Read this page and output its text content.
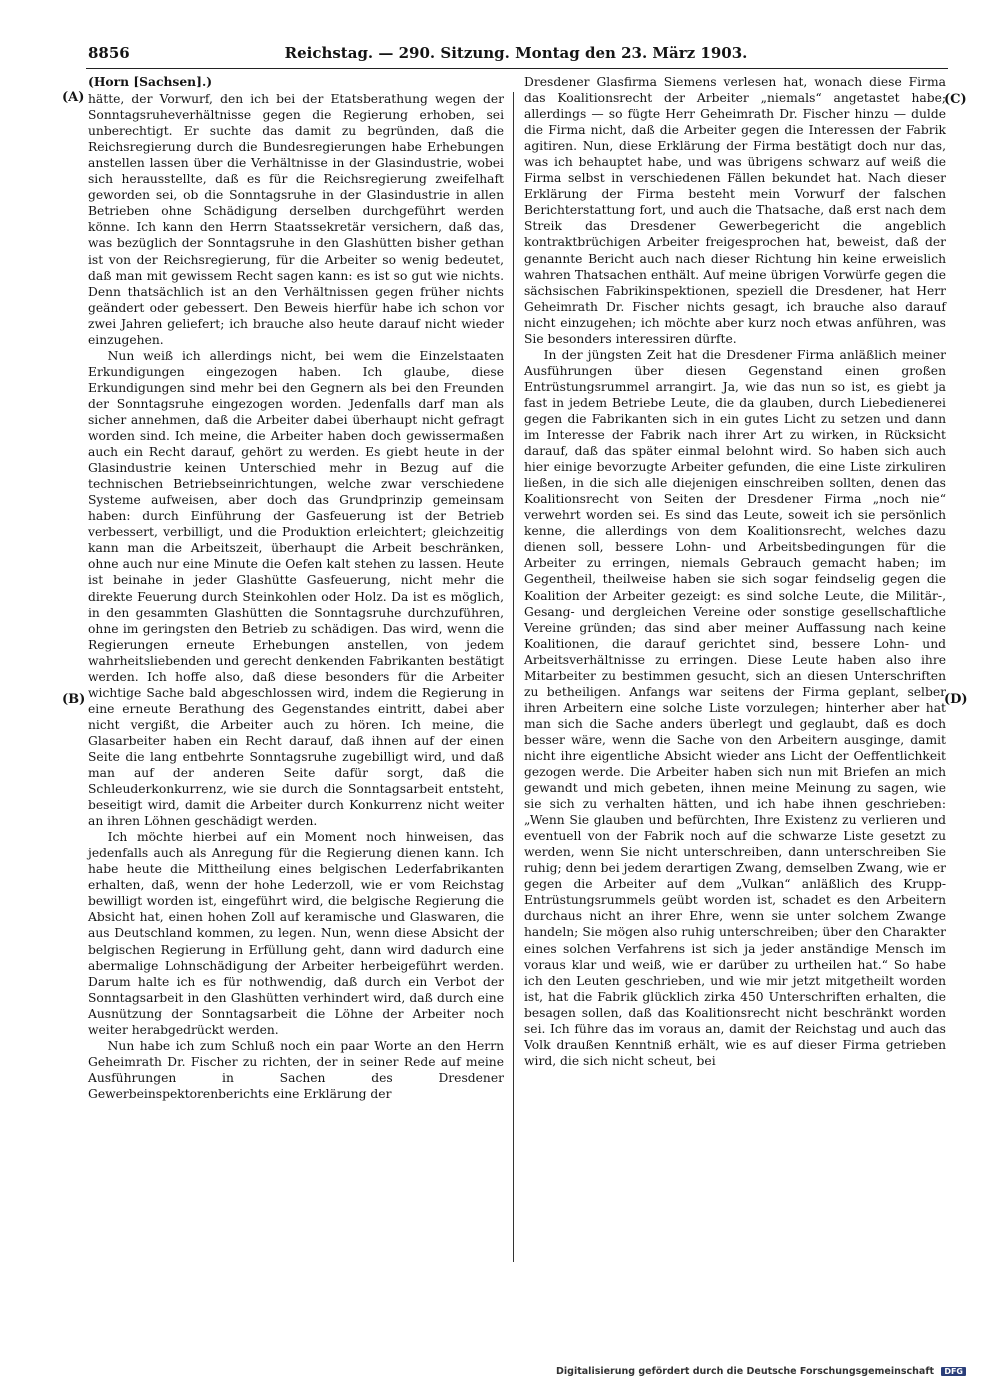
8856	Reichstag. — 290. Sitzung. Montag den 23. März 1903.
(A)
(B)
(C)
(D)
(Horn [Sachsen].)

hätte, der Vorwurf, den ich bei der Etatsberathung wegen der Sonntagsruheverhältnisse gegen die Regierung erhoben, sei unberechtigt. Er suchte das damit zu begründen, daß die Reichsregierung durch die Bundesregierungen habe Erhebungen anstellen lassen über die Verhältnisse in der Glasindustrie, wobei sich herausstellte, daß es für die Reichsregierung zweifelhaft geworden sei, ob die Sonntagsruhe in der Glasindustrie in allen Betrieben ohne Schädigung derselben durchgeführt werden könne. Ich kann den Herrn Staatssekretär versichern, daß das, was bezüglich der Sonntagsruhe in den Glashütten bisher gethan ist von der Reichsregierung, für die Arbeiter so wenig bedeutet, daß man mit gewissem Recht sagen kann: es ist so gut wie nichts. Denn thatsächlich ist an den Verhältnissen gegen früher nichts geändert oder gebessert. Den Beweis hierfür habe ich schon vor zwei Jahren geliefert; ich brauche also heute darauf nicht wieder einzugehen.

Nun weiß ich allerdings nicht, bei wem die Einzelstaaten Erkundigungen eingezogen haben. Ich glaube, diese Erkundigungen sind mehr bei den Gegnern als bei den Freunden der Sonntagsruhe eingezogen worden. Jedenfalls darf man als sicher annehmen, daß die Arbeiter dabei überhaupt nicht gefragt worden sind. Ich meine, die Arbeiter haben doch gewissermaßen auch ein Recht darauf, gehört zu werden. Es giebt heute in der Glasindustrie keinen Unterschied mehr in Bezug auf die technischen Betriebseinrichtungen, welche zwar verschiedene Systeme aufweisen, aber doch das Grundprinzip gemeinsam haben: durch Einführung der Gasfeuerung ist der Betrieb verbessert, verbilligt, und die Produktion erleichtert; gleichzeitig kann man die Arbeitszeit, überhaupt die Arbeit beschränken, ohne auch nur eine Minute die Oefen kalt stehen zu lassen. Heute ist beinahe in jeder Glashütte Gasfeuerung, nicht mehr die direkte Feuerung durch Steinkohlen oder Holz. Da ist es möglich, in den gesammten Glashütten die Sonntagsruhe durchzuführen, ohne im geringsten den Betrieb zu schädigen. Das wird, wenn die Regierungen erneute Erhebungen anstellen, von jedem wahrheitsliebenden und gerecht denkenden Fabrikanten bestätigt werden. Ich hoffe also, daß diese besonders für die Arbeiter wichtige Sache bald abgeschlossen wird, indem die Regierung in eine erneute Berathung des Gegenstandes eintritt, dabei aber nicht vergißt, die Arbeiter auch zu hören. Ich meine, die Glasarbeiter haben ein Recht darauf, daß ihnen auf der einen Seite die lang entbehrte Sonntagsruhe zugebilligt wird, und daß man auf der anderen Seite dafür sorgt, daß die Schleuderkonkurrenz, wie sie durch die Sonntagsarbeit entsteht, beseitigt wird, damit die Arbeiter durch Konkurrenz nicht weiter an ihren Löhnen geschädigt werden.

Ich möchte hierbei auf ein Moment noch hinweisen, das jedenfalls auch als Anregung für die Regierung dienen kann. Ich habe heute die Mittheilung eines belgischen Lederfabrikanten erhalten, daß, wenn der hohe Lederzoll, wie er vom Reichstag bewilligt worden ist, eingeführt wird, die belgische Regierung die Absicht hat, einen hohen Zoll auf keramische und Glaswaren, die aus Deutschland kommen, zu legen. Nun, wenn diese Absicht der belgischen Regierung in Erfüllung geht, dann wird dadurch eine abermalige Lohnschädigung der Arbeiter herbeigeführt werden. Darum halte ich es für nothwendig, daß durch ein Verbot der Sonntagsarbeit in den Glashütten verhindert wird, daß durch eine Ausnützung der Sonntagsarbeit die Löhne der Arbeiter noch weiter herabgedrückt werden.

Nun habe ich zum Schluß noch ein paar Worte an den Herrn Geheimrath Dr. Fischer zu richten, der in seiner Rede auf meine Ausführungen in Sachen des Dresdener Gewerbeinspektorenberichts eine Erklärung der

Dresdener Glasfirma Siemens verlesen hat, wonach diese Firma das Koalitionsrecht der Arbeiter „niemals“ angetastet habe; allerdings — so fügte Herr Geheimrath Dr. Fischer hinzu — dulde die Firma nicht, daß die Arbeiter gegen die Interessen der Fabrik agitiren. Nun, diese Erklärung der Firma bestätigt doch nur das, was ich behauptet habe, und was übrigens schwarz auf weiß die Firma selbst in verschiedenen Fällen bekundet hat. Nach dieser Erklärung der Firma besteht mein Vorwurf der falschen Berichterstattung fort, und auch die Thatsache, daß erst nach dem Streik das Dresdener Gewerbegericht die angeblich kontraktbrüchigen Arbeiter freigesprochen hat, beweist, daß der genannte Bericht auch nach dieser Richtung hin keine erweislich wahren Thatsachen enthält. Auf meine übrigen Vorwürfe gegen die sächsischen Fabrikinspektionen, speziell die Dresdener, hat Herr Geheimrath Dr. Fischer nichts gesagt, ich brauche also darauf nicht einzugehen; ich möchte aber kurz noch etwas anführen, was Sie besonders interessiren dürfte.

In der jüngsten Zeit hat die Dresdener Firma anläßlich meiner Ausführungen über diesen Gegenstand einen großen Entrüstungsrummel arrangirt. Ja, wie das nun so ist, es giebt ja fast in jedem Betriebe Leute, die da glauben, durch Liebedienerei gegen die Fabrikanten sich in ein gutes Licht zu setzen und dann im Interesse der Fabrik nach ihrer Art zu wirken, in Rücksicht darauf, daß das später einmal belohnt wird. So haben sich auch hier einige bevorzugte Arbeiter gefunden, die eine Liste zirkuliren ließen, in die sich alle diejenigen einschreiben sollten, denen das Koalitionsrecht von Seiten der Dresdener Firma „noch nie“ verwehrt worden sei. Es sind das Leute, soweit ich sie persönlich kenne, die allerdings von dem Koalitionsrecht, welches dazu dienen soll, bessere Lohn- und Arbeitsbedingungen für die Arbeiter zu erringen, niemals Gebrauch gemacht haben; im Gegentheil, theilweise haben sie sich sogar feindselig gegen die Koalition der Arbeiter gezeigt: es sind solche Leute, die Militär-, Gesang- und dergleichen Vereine oder sonstige gesellschaftliche Vereine gründen; das sind aber meiner Auffassung nach keine Koalitionen, die darauf gerichtet sind, bessere Lohn- und Arbeitsverhältnisse zu erringen. Diese Leute haben also ihre Mitarbeiter zu bestimmen gesucht, sich an diesen Unterschriften zu betheiligen. Anfangs war seitens der Firma geplant, selber ihren Arbeitern eine solche Liste vorzulegen; hinterher aber hat man sich die Sache anders überlegt und geglaubt, daß es doch besser wäre, wenn die Sache von den Arbeitern ausginge, damit nicht ihre eigentliche Absicht wieder ans Licht der Oeffentlichkeit gezogen werde. Die Arbeiter haben sich nun mit Briefen an mich gewandt und mich gebeten, ihnen meine Meinung zu sagen, wie sie sich zu verhalten hätten, und ich habe ihnen geschrieben: „Wenn Sie glauben und befürchten, Ihre Existenz zu verlieren und eventuell von der Fabrik noch auf die schwarze Liste gesetzt zu werden, wenn Sie nicht unterschreiben, dann unterschreiben Sie ruhig; denn bei jedem derartigen Zwang, demselben Zwang, wie er gegen die Arbeiter auf dem „Vulkan“ anläßlich des Krupp-Entrüstungsrummels geübt worden ist, schadet es den Arbeitern durchaus nicht an ihrer Ehre, wenn sie unter solchem Zwange handeln; Sie mögen also ruhig unterschreiben; über den Charakter eines solchen Verfahrens ist sich ja jeder anständige Mensch im voraus klar und weiß, wie er darüber zu urtheilen hat.“ So habe ich den Leuten geschrieben, und wie mir jetzt mitgetheilt worden ist, hat die Fabrik glücklich zirka 450 Unterschriften erhalten, die besagen sollen, daß das Koalitionsrecht nicht beschränkt worden sei. Ich führe das im voraus an, damit der Reichstag und auch das Volk draußen Kenntniß erhält, wie es auf dieser Firma getrieben wird, die sich nicht scheut, bei

Digitalisierung gefördert durch die Deutsche Forschungsgemeinschaft DFG
